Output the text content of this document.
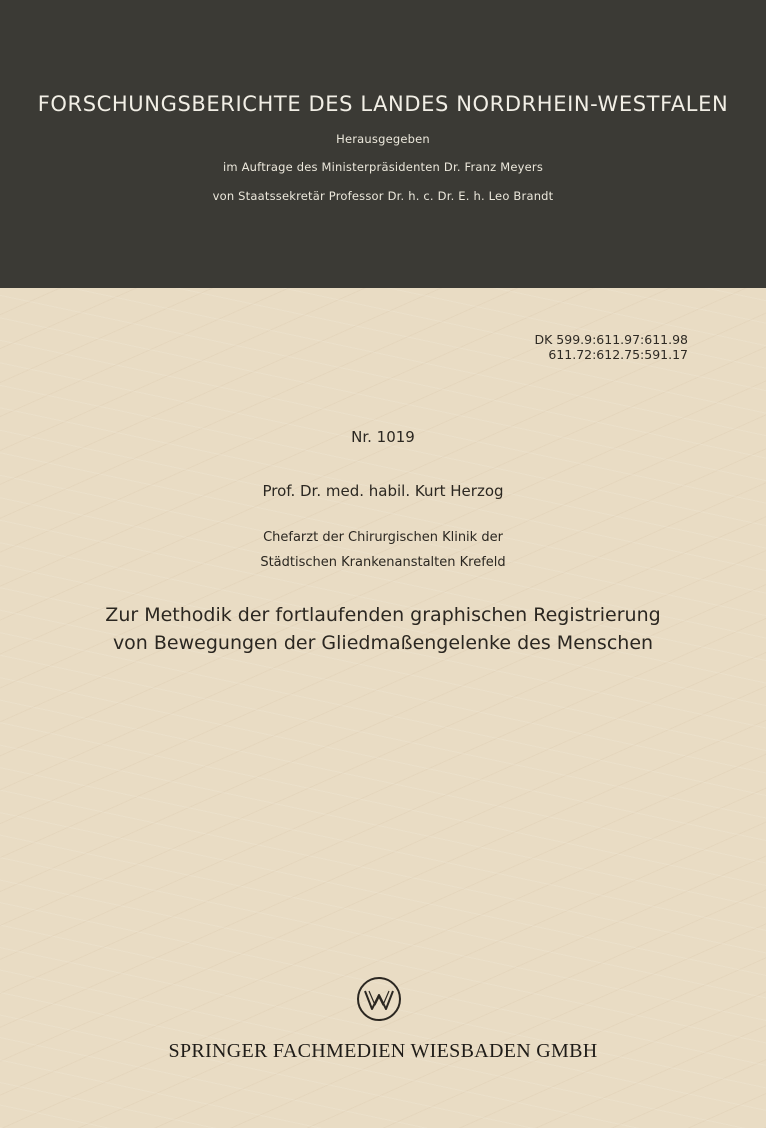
FORSCHUNGSBERICHTE DES LANDES NORDRHEIN-WESTFALEN
Herausgegeben
im Auftrage des Ministerpräsidenten Dr. Franz Meyers
von Staatssekretär Professor Dr. h. c. Dr. E. h. Leo Brandt
DK 599.9:611.97:611.98
611.72:612.75:591.17
Nr. 1019
Prof. Dr. med. habil. Kurt Herzog
Chefarzt der Chirurgischen Klinik der
Städtischen Krankenanstalten Krefeld
Zur Methodik der fortlaufenden graphischen Registrierung
von Bewegungen der Gliedmaßengelenke des Menschen
SPRINGER FACHMEDIEN WIESBADEN GMBH
